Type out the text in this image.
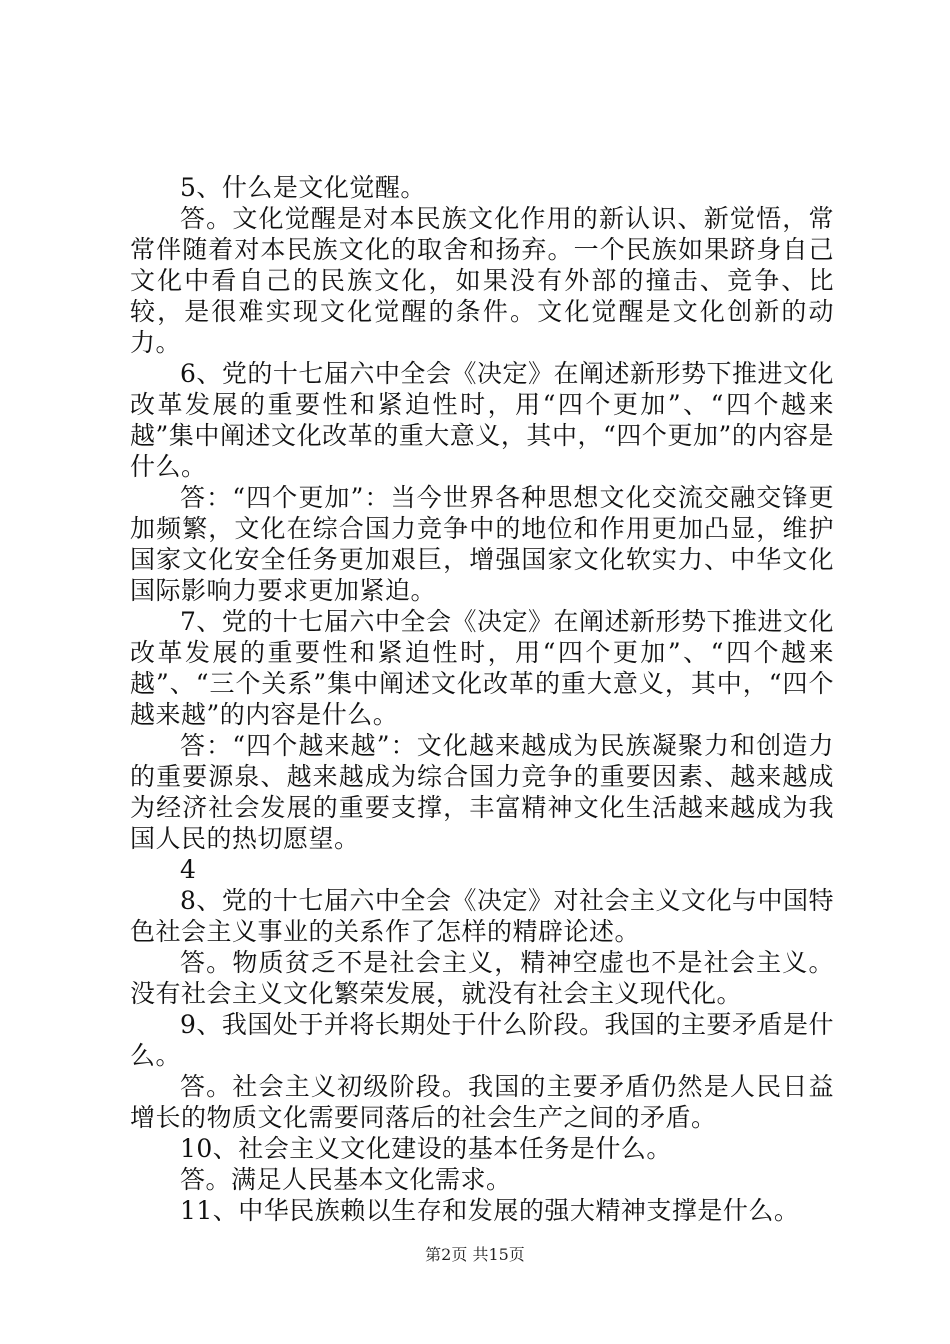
5、什么是文化觉醒。

答。文化觉醒是对本民族文化作用的新认识、新觉悟，常常伴随着对本民族文化的取舍和扬弃。一个民族如果跻身自己文化中看自己的民族文化，如果没有外部的撞击、竞争、比较，是很难实现文化觉醒的条件。文化觉醒是文化创新的动力。

6、党的十七届六中全会《决定》在阐述新形势下推进文化改革发展的重要性和紧迫性时，用“四个更加”、“四个越来越”集中阐述文化改革的重大意义，其中，“四个更加”的内容是什么。

答：“四个更加”：当今世界各种思想文化交流交融交锋更加频繁，文化在综合国力竞争中的地位和作用更加凸显，维护国家文化安全任务更加艰巨，增强国家文化软实力、中华文化国际影响力要求更加紧迫。

7、党的十七届六中全会《决定》在阐述新形势下推进文化改革发展的重要性和紧迫性时，用“四个更加”、“四个越来越”、“三个关系”集中阐述文化改革的重大意义，其中，“四个越来越”的内容是什么。

答：“四个越来越”：文化越来越成为民族凝聚力和创造力的重要源泉、越来越成为综合国力竞争的重要因素、越来越成为经济社会发展的重要支撑，丰富精神文化生活越来越成为我国人民的热切愿望。

4

8、党的十七届六中全会《决定》对社会主义文化与中国特色社会主义事业的关系作了怎样的精辟论述。

答。物质贫乏不是社会主义，精神空虚也不是社会主义。没有社会主义文化繁荣发展，就没有社会主义现代化。

9、我国处于并将长期处于什么阶段。我国的主要矛盾是什么。

答。社会主义初级阶段。我国的主要矛盾仍然是人民日益增长的物质文化需要同落后的社会生产之间的矛盾。

10、社会主义文化建设的基本任务是什么。

答。满足人民基本文化需求。

11、中华民族赖以生存和发展的强大精神支撑是什么。

第2页 共15页
